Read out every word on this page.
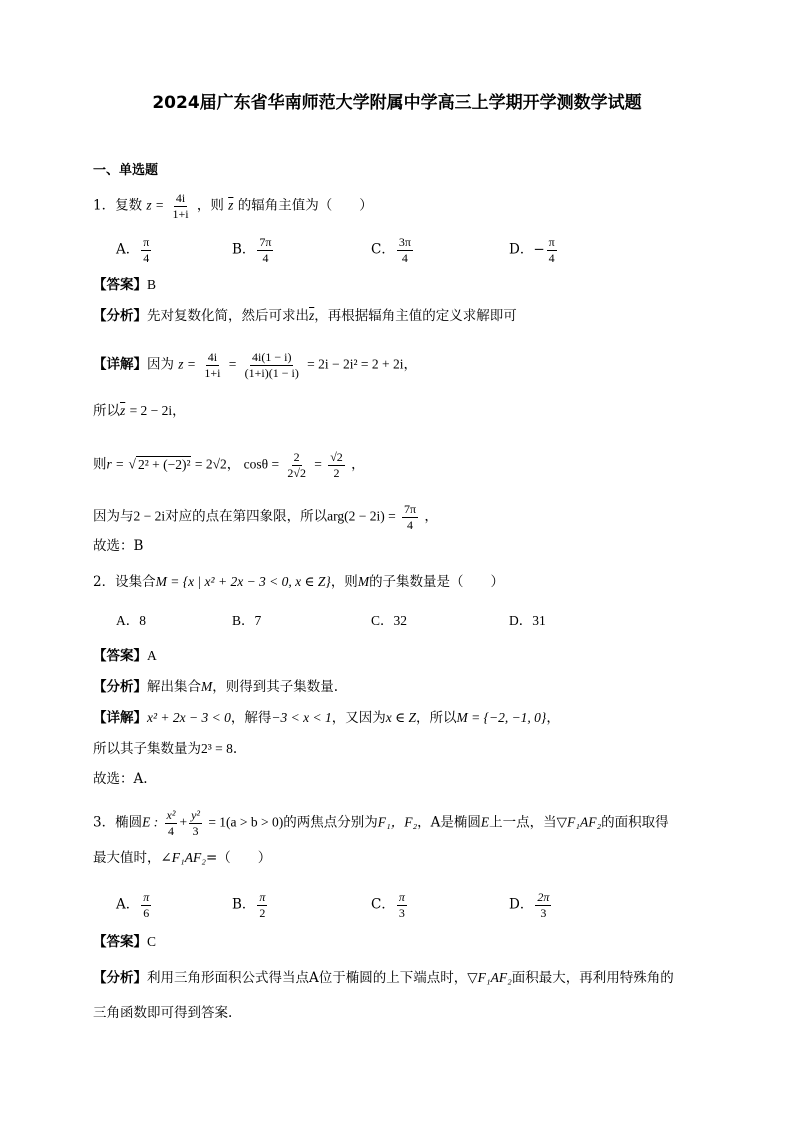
2024届广东省华南师范大学附属中学高三上学期开学测数学试题
一、单选题
1．复数 $z = \frac{4i}{1+i}$ ，则 $\overline{z}$ 的辐角主值为（　　）
A． $\frac{\pi}{4}$	B． $\frac{7\pi}{4}$	C． $\frac{3\pi}{4}$	D．− $\frac{\pi}{4}$
【答案】B
【分析】先对复数化简，然后可求出$\overline{z}$，再根据辐角主值的定义求解即可
【详解】因为 $z = \frac{4i}{1+i} = \frac{4i(1 - i)}{(1+i)(1 - i)} = 2i - 2i^2 = 2 + 2i$，
所以$\overline{z} = 2 - 2i$，
则r = √ 2² + (−2)² = 2√2， $\cos\theta = \frac{2}{2√2} = \frac{√2}{2}$ ，
因为与2 − 2i对应的点在第四象限，所以$arg(2 - 2i) = \frac{7\pi}{4}$ ，
故选：B
2．设集合M = {x | x² + 2x − 3 < 0, x ∈ Z}，则M的子集数量是（　　）
A．8	B．7	C．32	D．31
【答案】A
【分析】解出集合M，则得到其子集数量.
【详解】x² + 2x − 3 < 0，解得−3 < x < 1，又因为x ∈ Z，所以M = {−2, −1, 0}，
所以其子集数量为2³ = 8.
故选：A.
3．椭圆E : $\frac{\text{x²}}{4} + \frac{\text{y²}}{3} = 1(a > b > 0)$的两焦点分别为F₁，F₂，A是椭圆E上一点，当▽F₁AF₂的面积取得
最大值时，∠F₁AF₂=（　　）
A． $\frac{\pi}{6}$	B． $\frac{\pi}{2}$	C． $\frac{\pi}{3}$	D． $\frac{2\pi}{3}$
【答案】C
【分析】利用三角形面积公式得当点A位于椭圆的上下端点时，▽F₁AF₂面积最大，再利用特殊角的
三角函数即可得到答案.
